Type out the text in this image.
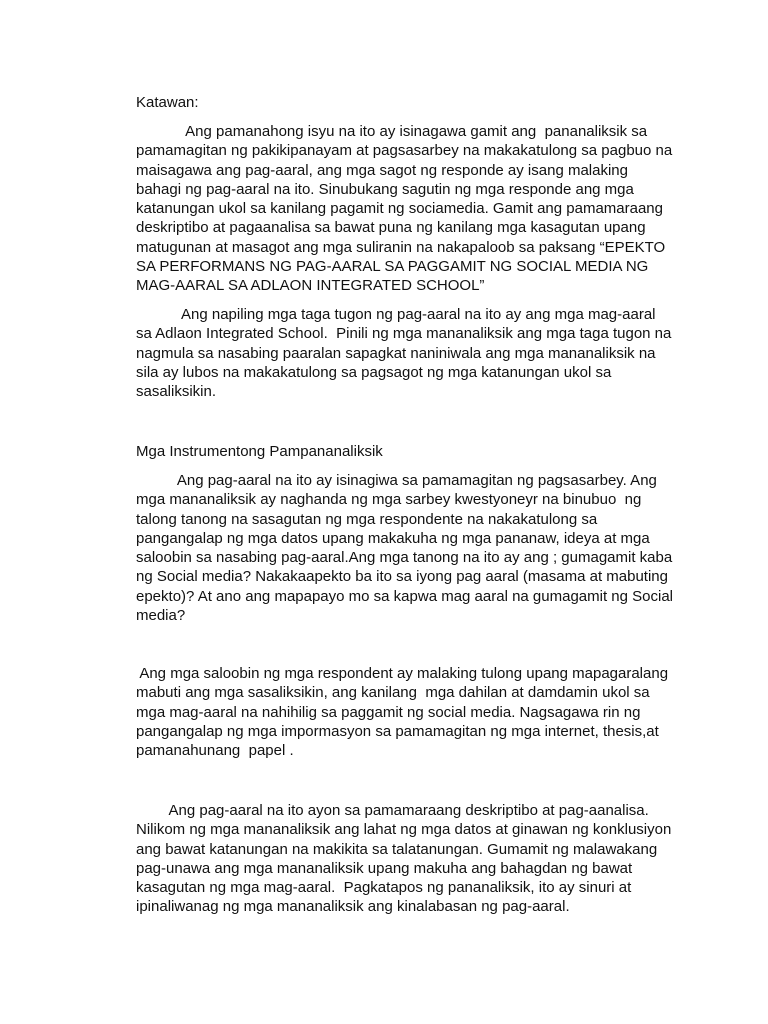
Katawan:
Ang pamanahong isyu na ito ay isinagawa gamit ang  pananaliksik sa
pamamagitan ng pakikipanayam at pagsasarbey na makakatulong sa pagbuo na
maisagawa ang pag-aaral, ang mga sagot ng responde ay isang malaking
bahagi ng pag-aaral na ito. Sinubukang sagutin ng mga responde ang mga
katanungan ukol sa kanilang pagamit ng sociamedia. Gamit ang pamamaraang
deskriptibo at pagaanalisa sa bawat puna ng kanilang mga kasagutan upang
matugunan at masagot ang mga suliranin na nakapaloob sa paksang “EPEKTO
SA PERFORMANS NG PAG-AARAL SA PAGGAMIT NG SOCIAL MEDIA NG
MAG-AARAL SA ADLAON INTEGRATED SCHOOL”
Ang napiling mga taga tugon ng pag-aaral na ito ay ang mga mag-aaral
sa Adlaon Integrated School.  Pinili ng mga mananaliksik ang mga taga tugon na
nagmula sa nasabing paaralan sapagkat naniniwala ang mga mananaliksik na
sila ay lubos na makakatulong sa pagsagot ng mga katanungan ukol sa
sasaliksikin.
Mga Instrumentong Pampananaliksik
Ang pag-aaral na ito ay isinagiwa sa pamamagitan ng pagsasarbey. Ang
mga mananaliksik ay naghanda ng mga sarbey kwestyoneyr na binubuo  ng
talong tanong na sasagutan ng mga respondente na nakakatulong sa
pangangalap ng mga datos upang makakuha ng mga pananaw, ideya at mga
saloobin sa nasabing pag-aaral.Ang mga tanong na ito ay ang ; gumagamit kaba
ng Social media? Nakakaapekto ba ito sa iyong pag aaral (masama at mabuting
epekto)? At ano ang mapapayo mo sa kapwa mag aaral na gumagamit ng Social
media?
Ang mga saloobin ng mga respondent ay malaking tulong upang mapagaralang
mabuti ang mga sasaliksikin, ang kanilang  mga dahilan at damdamin ukol sa
mga mag-aaral na nahihilig sa paggamit ng social media. Nagsagawa rin ng
pangangalap ng mga impormasyon sa pamamagitan ng mga internet, thesis,at
pamanahunang  papel .
Ang pag-aaral na ito ayon sa pamamaraang deskriptibo at pag-aanalisa.
Nilikom ng mga mananaliksik ang lahat ng mga datos at ginawan ng konklusiyon
ang bawat katanungan na makikita sa talatanungan. Gumamit ng malawakang
pag-unawa ang mga mananaliksik upang makuha ang bahagdan ng bawat
kasagutan ng mga mag-aaral.  Pagkatapos ng pananaliksik, ito ay sinuri at
ipinaliwanag ng mga mananaliksik ang kinalabasan ng pag-aaral.
